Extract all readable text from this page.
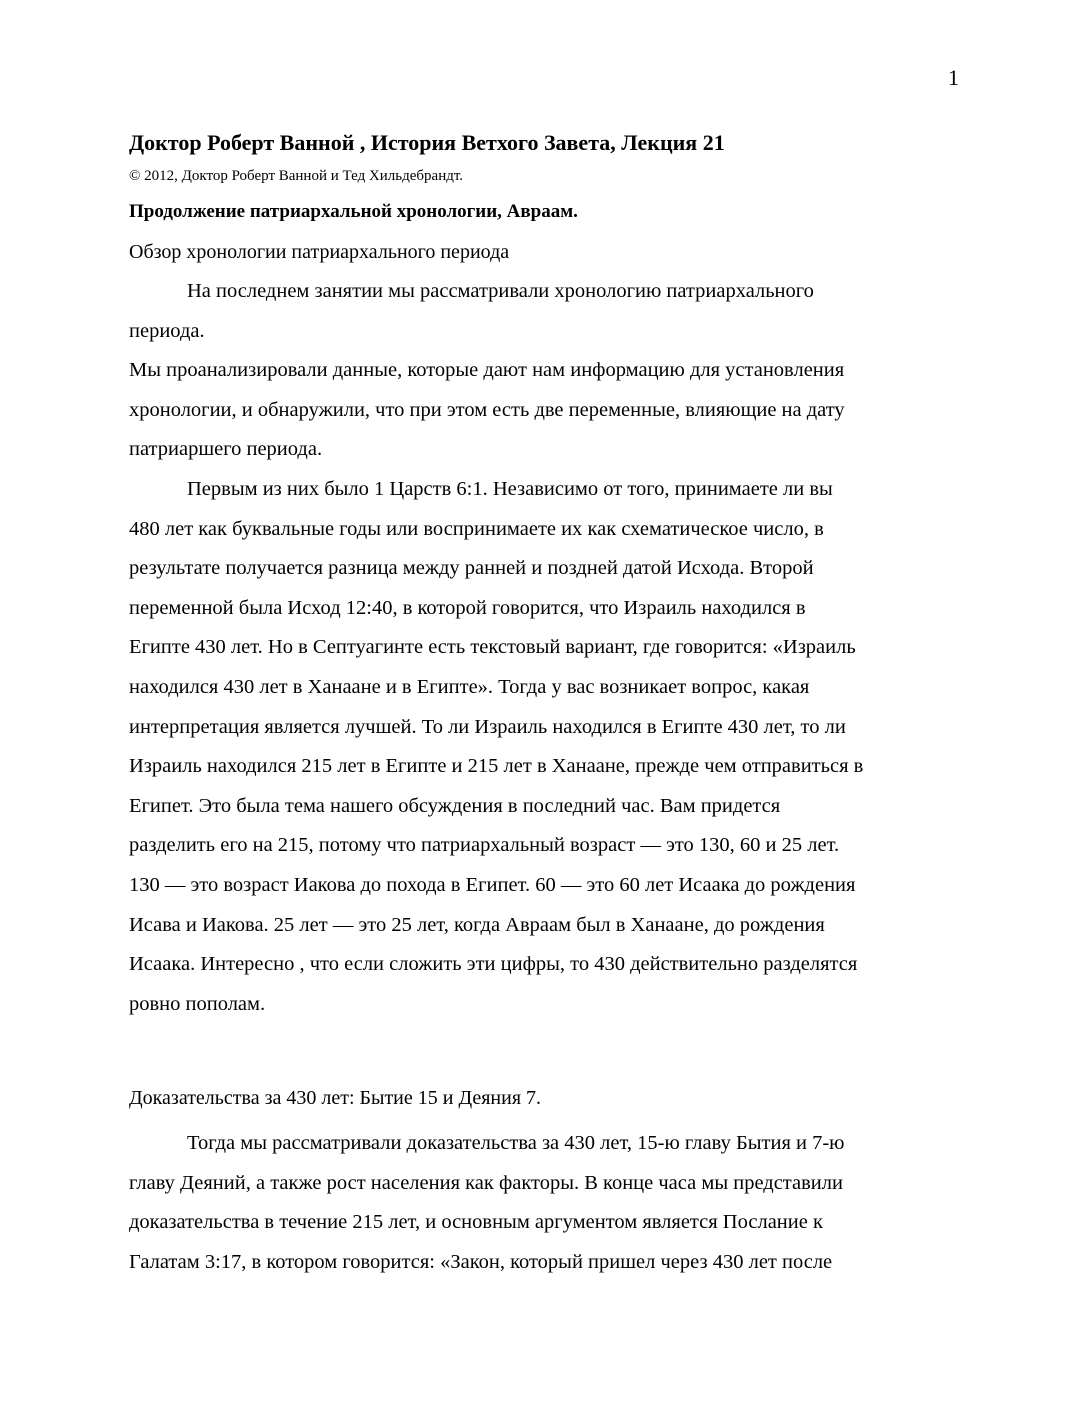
1
Доктор Роберт Ванной , История Ветхого Завета, Лекция 21
© 2012, Доктор Роберт Ванной и Тед Хильдебрандт.
Продолжение патриархальной хронологии, Авраам.
Обзор хронологии патриархального периода

На последнем занятии мы рассматривали хронологию патриархального
периода.

Мы проанализировали данные, которые дают нам информацию для установления
хронологии, и обнаружили, что при этом есть две переменные, влияющие на дату
патриаршего периода.

Первым из них было 1 Царств 6:1. Независимо от того, принимаете ли вы
480 лет как буквальные годы или воспринимаете их как схематическое число, в
результате получается разница между ранней и поздней датой Исхода. Второй
переменной была Исход 12:40, в которой говорится, что Израиль находился в
Египте 430 лет. Но в Септуагинте есть текстовый вариант, где говорится: «Израиль
находился 430 лет в Ханаане и в Египте». Тогда у вас возникает вопрос, какая
интерпретация является лучшей. То ли Израиль находился в Египте 430 лет, то ли
Израиль находился 215 лет в Египте и 215 лет в Ханаане, прежде чем отправиться в
Египет. Это была тема нашего обсуждения в последний час. Вам придется
разделить его на 215, потому что патриархальный возраст — это 130, 60 и 25 лет.
130 — это возраст Иакова до похода в Египет. 60 — это 60 лет Исаака до рождения
Исава и Иакова. 25 лет — это 25 лет, когда Авраам был в Ханаане, до рождения
Исаака. Интересно , что если сложить эти цифры, то 430 действительно разделятся
ровно пополам.

Доказательства за 430 лет: Бытие 15 и Деяния 7.

Тогда мы рассматривали доказательства за 430 лет, 15-ю главу Бытия и 7-ю
главу Деяний, а также рост населения как факторы. В конце часа мы представили
доказательства в течение 215 лет, и основным аргументом является Послание к
Галатам 3:17, в котором говорится: «Закон, который пришел через 430 лет после
